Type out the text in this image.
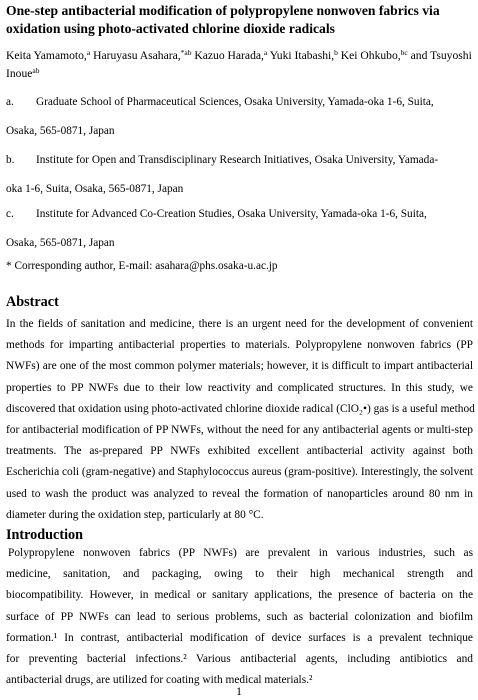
One-step antibacterial modification of polypropylene nonwoven fabrics via
oxidation using photo-activated chlorine dioxide radicals
Keita Yamamoto,$^a$ Haruyasu Asahara,$^{*ab}$ Kazuo Harada,$^a$ Yuki Itabashi,$^b$ Kei Ohkubo,$^{bc}$ and Tsuyoshi
Inoue$^{ab}$
a. Graduate School of Pharmaceutical Sciences, Osaka University, Yamada-oka 1-6, Suita,
Osaka, 565-0871, Japan
b. Institute for Open and Transdisciplinary Research Initiatives, Osaka University, Yamada-
oka 1-6, Suita, Osaka, 565-0871, Japan
c. Institute for Advanced Co-Creation Studies, Osaka University, Yamada-oka 1-6, Suita,
Osaka, 565-0871, Japan
* Corresponding author, E-mail: asahara@phs.osaka-u.ac.jp
Abstract
In the fields of sanitation and medicine, there is an urgent need for the development of convenient
methods for imparting antibacterial properties to materials. Polypropylene nonwoven fabrics (PP
NWFs) are one of the most common polymer materials; however, it is difficult to impart antibacterial
properties to PP NWFs due to their low reactivity and complicated structures. In this study, we
discovered that oxidation using photo-activated chlorine dioxide radical (ClO₂•) gas is a useful method
for antibacterial modification of PP NWFs, without the need for any antibacterial agents or multi-step
treatments. The as-prepared PP NWFs exhibited excellent antibacterial activity against both
Escherichia coli (gram-negative) and Staphylococcus aureus (gram-positive). Interestingly, the solvent
used to wash the product was analyzed to reveal the formation of nanoparticles around 80 nm in
diameter during the oxidation step, particularly at 80 °C.
Introduction
Polypropylene nonwoven fabrics (PP NWFs) are prevalent in various industries, such as
medicine, sanitation, and packaging, owing to their high mechanical strength and
biocompatibility. However, in medical or sanitary applications, the presence of bacteria on the
surface of PP NWFs can lead to serious problems, such as bacterial colonization and biofilm
formation.¹ In contrast, antibacterial modification of device surfaces is a prevalent technique
for preventing bacterial infections.² Various antibacterial agents, including antibiotics and
antibacterial drugs, are utilized for coating with medical materials.²
1
